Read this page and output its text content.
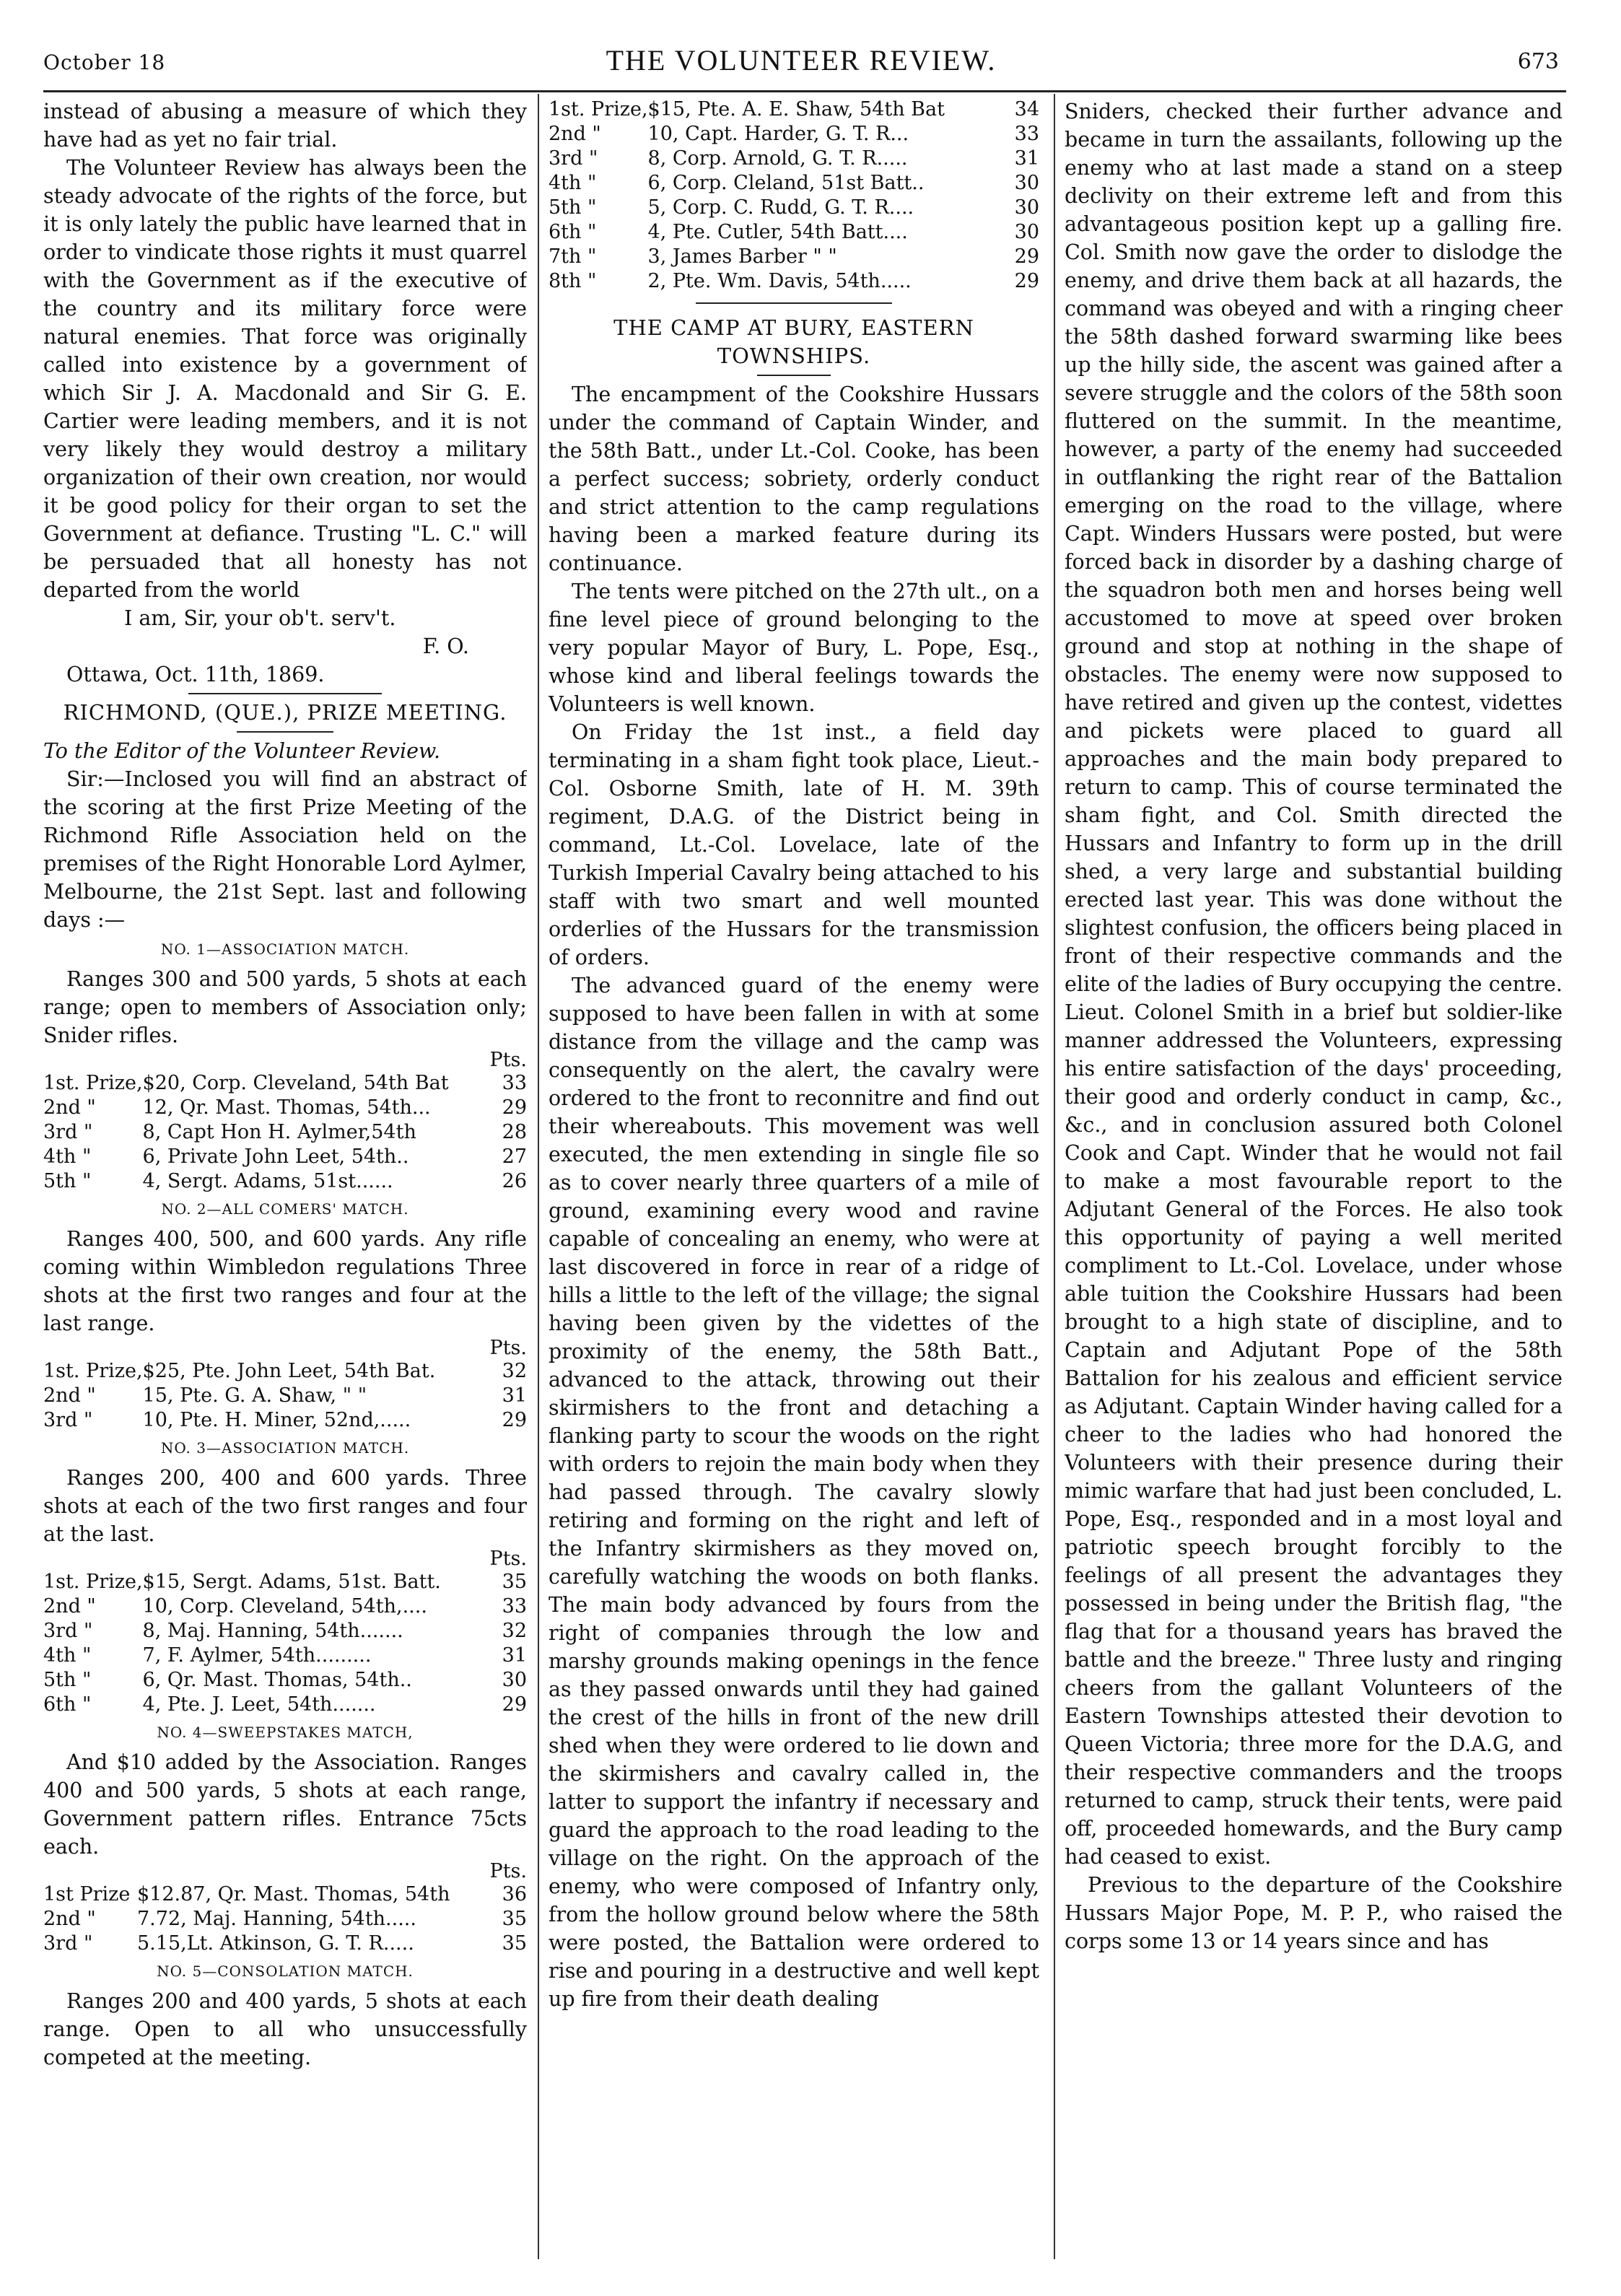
October 18	THE VOLUNTEER REVIEW.	673

instead of abusing a measure of which they have had as yet no fair trial.

The Volunteer Review has always been the steady advocate of the rights of the force, but it is only lately the public have learned that in order to vindicate those rights it must quarrel with the Government as if the executive of the country and its military force were natural enemies. That force was originally called into existence by a government of which Sir J. A. Macdonald and Sir G. E. Cartier were leading members, and it is not very likely they would destroy a military organization of their own creation, nor would it be good policy for their organ to set the Government at defiance. Trusting "L. C." will be persuaded that all honesty has not departed from the world

I am, Sir, your ob't. serv't.

F. O.

Ottawa, Oct. 11th, 1869.

RICHMOND, (QUE.), PRIZE MEETING.

To the Editor of the Volunteer Review.

Sir:—Inclosed you will find an abstract of the scoring at the first Prize Meeting of the Richmond Rifle Association held on the premises of the Right Honorable Lord Aylmer, Melbourne, the 21st Sept. last and following days :—

NO. 1—ASSOCIATION MATCH.

Ranges 300 and 500 yards, 5 shots at each range; open to members of Association only; Snider rifles.

Pts.
1st. Prize,	$20, Corp. Cleveland, 54th Bat	33
2nd "	12, Qr. Mast. Thomas, 54th...	29
3rd "	8, Capt Hon H. Aylmer,54th	28
4th "	6, Private John Leet, 54th..	27
5th "	4, Sergt. Adams, 51st......	26
NO. 2—ALL COMERS' MATCH.

Ranges 400, 500, and 600 yards. Any rifle coming within Wimbledon regulations Three shots at the first two ranges and four at the last range.

Pts.
1st. Prize,	$25, Pte. John Leet, 54th Bat.	32
2nd "	15, Pte. G. A. Shaw, " "	31
3rd "	10, Pte. H. Miner, 52nd,.....	29
NO. 3—ASSOCIATION MATCH.

Ranges 200, 400 and 600 yards. Three shots at each of the two first ranges and four at the last.

Pts.
1st. Prize,	$15, Sergt. Adams, 51st. Batt.	35
2nd "	10, Corp. Cleveland, 54th,....	33
3rd "	8, Maj. Hanning, 54th.......	32
4th "	7, F. Aylmer, 54th.........	31
5th "	6, Qr. Mast. Thomas, 54th..	30
6th "	4, Pte. J. Leet, 54th.......	29
NO. 4—SWEEPSTAKES MATCH,

And $10 added by the Association. Ranges 400 and 500 yards, 5 shots at each range, Government pattern rifles. Entrance 75cts each.

Pts.
1st Prize	$12.87, Qr. Mast. Thomas, 54th	36
2nd "	7.72, Maj. Hanning, 54th.....	35
3rd "	5.15,Lt. Atkinson, G. T. R.....	35
NO. 5—CONSOLATION MATCH.

Ranges 200 and 400 yards, 5 shots at each range. Open to all who unsuccessfully competed at the meeting.

1st. Prize,	$15, Pte. A. E. Shaw, 54th Bat	34
2nd "	10, Capt. Harder, G. T. R...	33
3rd "	8, Corp. Arnold, G. T. R.....	31
4th "	6, Corp. Cleland, 51st Batt..	30
5th "	5, Corp. C. Rudd, G. T. R....	30
6th "	4, Pte. Cutler, 54th Batt....	30
7th "	3, James Barber " "	29
8th "	2, Pte. Wm. Davis, 54th.....	29
THE CAMP AT BURY, EASTERN TOWNSHIPS.

The encampment of the Cookshire Hussars under the command of Captain Winder, and the 58th Batt., under Lt.-Col. Cooke, has been a perfect success; sobriety, orderly conduct and strict attention to the camp regulations having been a marked feature during its continuance.

The tents were pitched on the 27th ult., on a fine level piece of ground belonging to the very popular Mayor of Bury, L. Pope, Esq., whose kind and liberal feelings towards the Volunteers is well known.

On Friday the 1st inst., a field day terminating in a sham fight took place, Lieut.-Col. Osborne Smith, late of H. M. 39th regiment, D.A.G. of the District being in command, Lt.-Col. Lovelace, late of the Turkish Imperial Cavalry being attached to his staff with two smart and well mounted orderlies of the Hussars for the transmission of orders.

The advanced guard of the enemy were supposed to have been fallen in with at some distance from the village and the camp was consequently on the alert, the cavalry were ordered to the front to reconnitre and find out their whereabouts. This movement was well executed, the men extending in single file so as to cover nearly three quarters of a mile of ground, examining every wood and ravine capable of concealing an enemy, who were at last discovered in force in rear of a ridge of hills a little to the left of the village; the signal having been given by the videttes of the proximity of the enemy, the 58th Batt., advanced to the attack, throwing out their skirmishers to the front and detaching a flanking party to scour the woods on the right with orders to rejoin the main body when they had passed through. The cavalry slowly retiring and forming on the right and left of the Infantry skirmishers as they moved on, carefully watching the woods on both flanks. The main body advanced by fours from the right of companies through the low and marshy grounds making openings in the fence as they passed onwards until they had gained the crest of the hills in front of the new drill shed when they were ordered to lie down and the skirmishers and cavalry called in, the latter to support the infantry if necessary and guard the approach to the road leading to the village on the right. On the approach of the enemy, who were composed of Infantry only, from the hollow ground below where the 58th were posted, the Battalion were ordered to rise and pouring in a destructive and well kept up fire from their death dealing

Sniders, checked their further advance and became in turn the assailants, following up the enemy who at last made a stand on a steep declivity on their extreme left and from this advantageous position kept up a galling fire. Col. Smith now gave the order to dislodge the enemy, and drive them back at all hazards, the command was obeyed and with a ringing cheer the 58th dashed forward swarming like bees up the hilly side, the ascent was gained after a severe struggle and the colors of the 58th soon fluttered on the summit. In the meantime, however, a party of the enemy had succeeded in outflanking the right rear of the Battalion emerging on the road to the village, where Capt. Winders Hussars were posted, but were forced back in disorder by a dashing charge of the squadron both men and horses being well accustomed to move at speed over broken ground and stop at nothing in the shape of obstacles. The enemy were now supposed to have retired and given up the contest, videttes and pickets were placed to guard all approaches and the main body prepared to return to camp. This of course terminated the sham fight, and Col. Smith directed the Hussars and Infantry to form up in the drill shed, a very large and substantial building erected last year. This was done without the slightest confusion, the officers being placed in front of their respective commands and the elite of the ladies of Bury occupying the centre. Lieut. Colonel Smith in a brief but soldier-like manner addressed the Volunteers, expressing his entire satisfaction of the days' proceeding, their good and orderly conduct in camp, &c., &c., and in conclusion assured both Colonel Cook and Capt. Winder that he would not fail to make a most favourable report to the Adjutant General of the Forces. He also took this opportunity of paying a well merited compliment to Lt.-Col. Lovelace, under whose able tuition the Cookshire Hussars had been brought to a high state of discipline, and to Captain and Adjutant Pope of the 58th Battalion for his zealous and efficient service as Adjutant. Captain Winder having called for a cheer to the ladies who had honored the Volunteers with their presence during their mimic warfare that had just been concluded, L. Pope, Esq., responded and in a most loyal and patriotic speech brought forcibly to the feelings of all present the advantages they possessed in being under the British flag, "the flag that for a thousand years has braved the battle and the breeze." Three lusty and ringing cheers from the gallant Volunteers of the Eastern Townships attested their devotion to Queen Victoria; three more for the D.A.G, and their respective commanders and the troops returned to camp, struck their tents, were paid off, proceeded homewards, and the Bury camp had ceased to exist.

Previous to the departure of the Cookshire Hussars Major Pope, M. P. P., who raised the corps some 13 or 14 years since and has
